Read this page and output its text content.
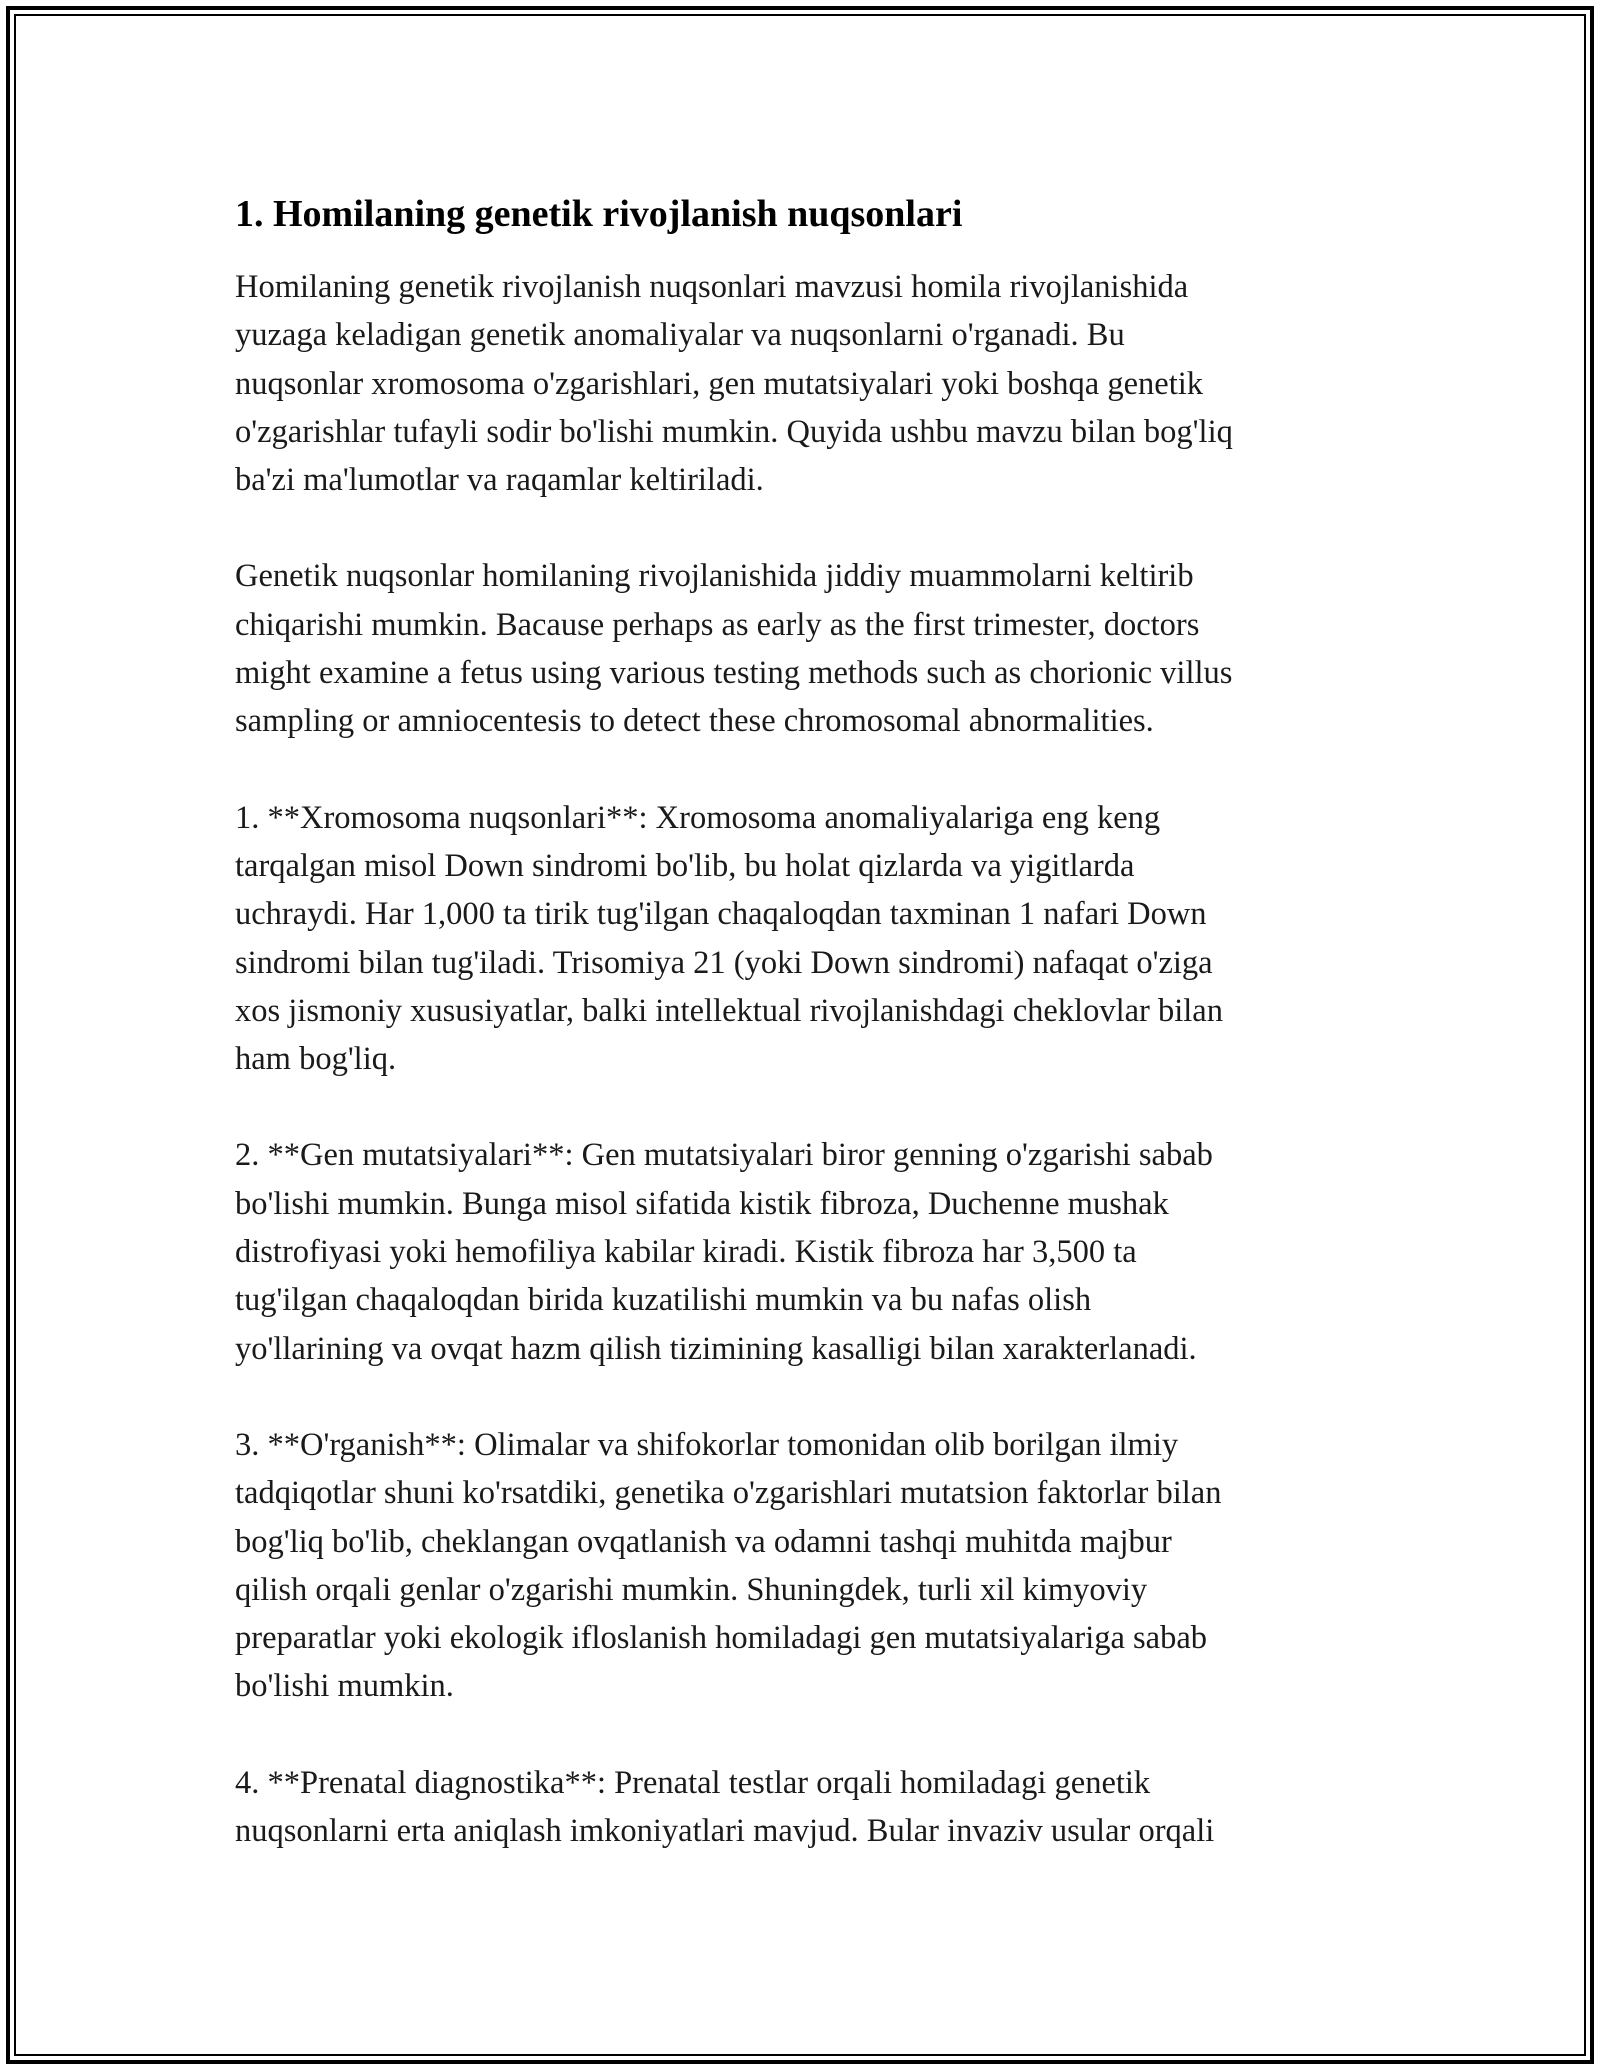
1. Homilaning genetik rivojlanish nuqsonlari

Homilaning genetik rivojlanish nuqsonlari mavzusi homila rivojlanishida
yuzaga keladigan genetik anomaliyalar va nuqsonlarni o'rganadi. Bu
nuqsonlar xromosoma o'zgarishlari, gen mutatsiyalari yoki boshqa genetik
o'zgarishlar tufayli sodir bo'lishi mumkin. Quyida ushbu mavzu bilan bog'liq
ba'zi ma'lumotlar va raqamlar keltiriladi.

Genetik nuqsonlar homilaning rivojlanishida jiddiy muammolarni keltirib
chiqarishi mumkin. Bacause perhaps as early as the first trimester, doctors
might examine a fetus using various testing methods such as chorionic villus
sampling or amniocentesis to detect these chromosomal abnormalities.

1. **Xromosoma nuqsonlari**: Xromosoma anomaliyalariga eng keng
tarqalgan misol Down sindromi bo'lib, bu holat qizlarda va yigitlarda
uchraydi. Har 1,000 ta tirik tug'ilgan chaqaloqdan taxminan 1 nafari Down
sindromi bilan tug'iladi. Trisomiya 21 (yoki Down sindromi) nafaqat o'ziga
xos jismoniy xususiyatlar, balki intellektual rivojlanishdagi cheklovlar bilan
ham bog'liq.

2. **Gen mutatsiyalari**: Gen mutatsiyalari biror genning o'zgarishi sabab
bo'lishi mumkin. Bunga misol sifatida kistik fibroza, Duchenne mushak
distrofiyasi yoki hemofiliya kabilar kiradi. Kistik fibroza har 3,500 ta
tug'ilgan chaqaloqdan birida kuzatilishi mumkin va bu nafas olish
yo'llarining va ovqat hazm qilish tizimining kasalligi bilan xarakterlanadi.

3. **O'rganish**: Olimalar va shifokorlar tomonidan olib borilgan ilmiy
tadqiqotlar shuni ko'rsatdiki, genetika o'zgarishlari mutatsion faktorlar bilan
bog'liq bo'lib, cheklangan ovqatlanish va odamni tashqi muhitda majbur
qilish orqali genlar o'zgarishi mumkin. Shuningdek, turli xil kimyoviy
preparatlar yoki ekologik ifloslanish homiladagi gen mutatsiyalariga sabab
bo'lishi mumkin.

4. **Prenatal diagnostika**: Prenatal testlar orqali homiladagi genetik
nuqsonlarni erta aniqlash imkoniyatlari mavjud. Bular invaziv usular orqali
